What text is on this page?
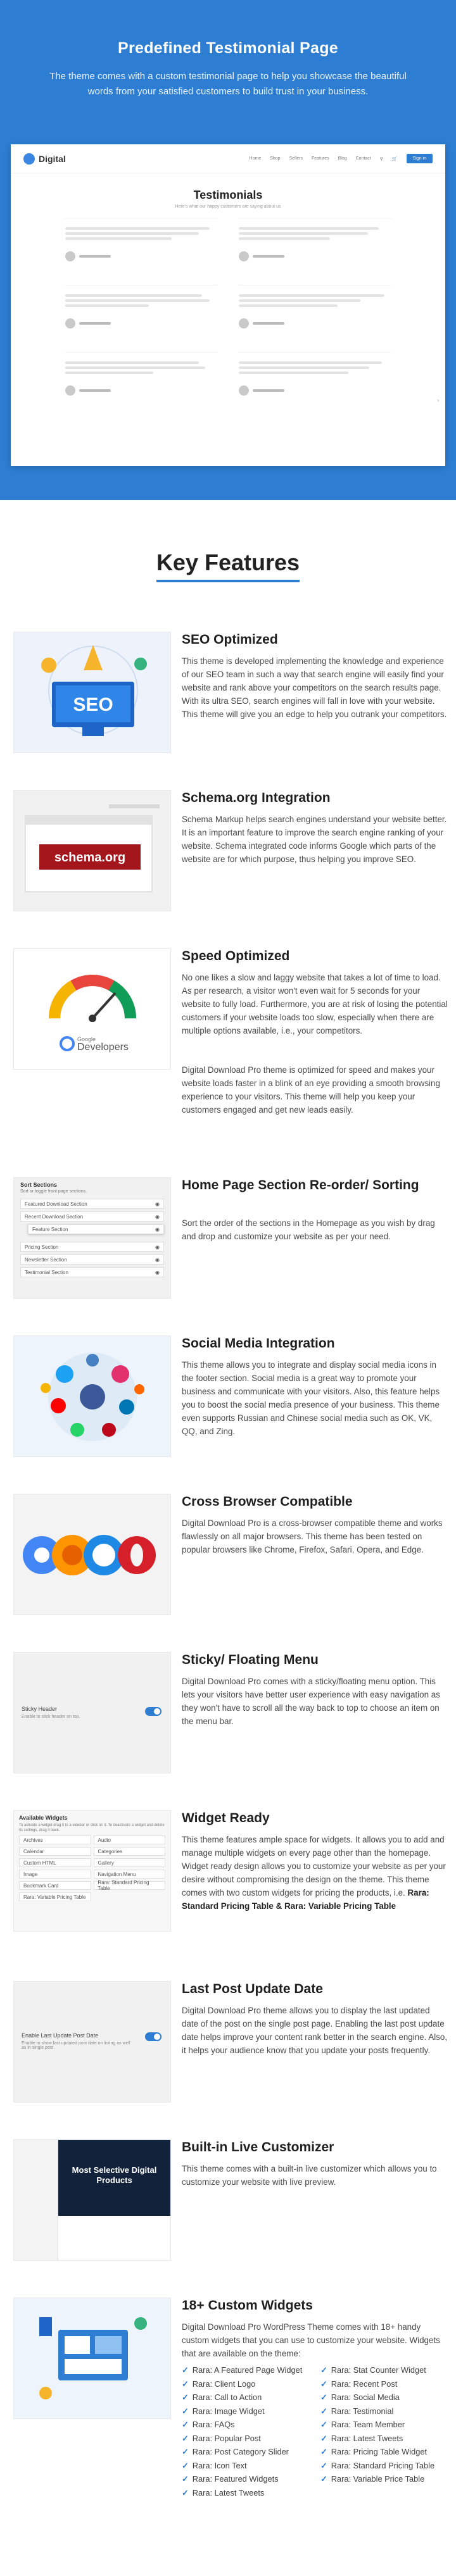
Predefined Testimonial Page

The theme comes with a custom testimonial page to help you showcase the beautiful words from your satisfied customers to build trust in your business.

Digital	Home Shop Sellers Features Blog Contact ⚲ 🛒	Sign in
Testimonials
Here's what our happy customers are saying about us
›
Key Features
SEO
SEO Optimized

This theme is developed implementing the knowledge and experience of our SEO team in such a way that search engine will easily find your website and rank above your competitors on the search results page. With its ultra SEO, search engines will fall in love with your website. This theme will give you an edge to help you outrank your competitors.

schema.org
Schema.org Integration

Schema Markup helps search engines understand your website better. It is an important feature to improve the search engine ranking of your website. Schema integrated code informs Google which parts of the website are for which purpose, thus helping you improve SEO.

Google
Developers
Speed Optimized

No one likes a slow and laggy website that takes a lot of time to load. As per research, a visitor won't even wait for 5 seconds for your website to fully load. Furthermore, you are at risk of losing the potential customers if your website loads too slow, especially when there are multiple options available, i.e., your competitors.

Digital Download Pro theme is optimized for speed and makes your website loads faster in a blink of an eye providing a smooth browsing experience to your visitors. This theme will help you keep your customers engaged and get new leads easily.

Sort Sections
Sort or toggle front page sections.
Featured Download Section	◉
Recent Download Section	◉
Feature Section	◉
Pricing Section	◉
Newsletter Section	◉
Testimonial Section	◉
Home Page Section Re-order/ Sorting

Sort the order of the sections in the Homepage as you wish by drag and drop and customize your website as per your need.

Social Media Integration

This theme allows you to integrate and display social media icons in the footer section. Social media is a great way to promote your business and communicate with your visitors. Also, this feature helps you to boost the social media presence of your business. This theme even supports Russian and Chinese social media such as OK, VK, QQ, and Zing.

Cross Browser Compatible

Digital Download Pro is a cross-browser compatible theme and works flawlessly on all major browsers. This theme has been tested on popular browsers like Chrome, Firefox, Safari, Opera, and Edge.

Sticky Header
Enable to stick header on top.
Sticky/ Floating Menu

Digital Download Pro comes with a sticky/floating menu option. This lets your visitors have better user experience with easy navigation as they won't have to scroll all the way back to top to choose an item on the menu bar.

Available Widgets
To activate a widget drag it to a sidebar or click on it. To deactivate a widget and delete its settings, drag it back.
Archives	Audio
Calendar	Categories
Custom HTML	Gallery
Image	Navigation Menu
Bookmark Card	Rara: Standard Pricing Table
Rara: Variable Pricing Table
Widget Ready

This theme features ample space for widgets. It allows you to add and manage multiple widgets on every page other than the homepage. Widget ready design allows you to customize your website as per your desire without compromising the design on the theme. This theme comes with two custom widgets for pricing the products, i.e. Rara: Standard Pricing Table & Rara: Variable Pricing Table

Enable Last Update Post Date
Enable to show last updated post date on listing as well as in single post.
Last Post Update Date

Digital Download Pro theme allows you to display the last updated date of the post on the single post page. Enabling the last post update date helps improve your content rank better in the search engine. Also, it helps your audience know that you update your posts frequently.

Most Selective Digital Products
Built-in Live Customizer

This theme comes with a built-in live customizer which allows you to customize your website with live preview.

18+ Custom Widgets

Digital Download Pro WordPress Theme comes with 18+ handy custom widgets that you can use to customize your website. Widgets that are available on the theme:

✓ Rara: A Featured Page Widget ✓ Rara: Stat Counter Widget
✓ Rara: Client Logo	✓ Rara: Recent Post
✓ Rara: Call to Action	✓ Rara: Social Media
✓ Rara: Image Widget	✓ Rara: Testimonial
✓ Rara: FAQs	✓ Rara: Team Member
✓ Rara: Popular Post	✓ Rara: Latest Tweets
✓ Rara: Post Category Slider	✓ Rara: Pricing Table Widget
✓ Rara: Icon Text	✓ Rara: Standard Pricing Table
✓ Rara: Featured Widgets	✓ Rara: Variable Price Table
✓ Rara: Latest Tweets
